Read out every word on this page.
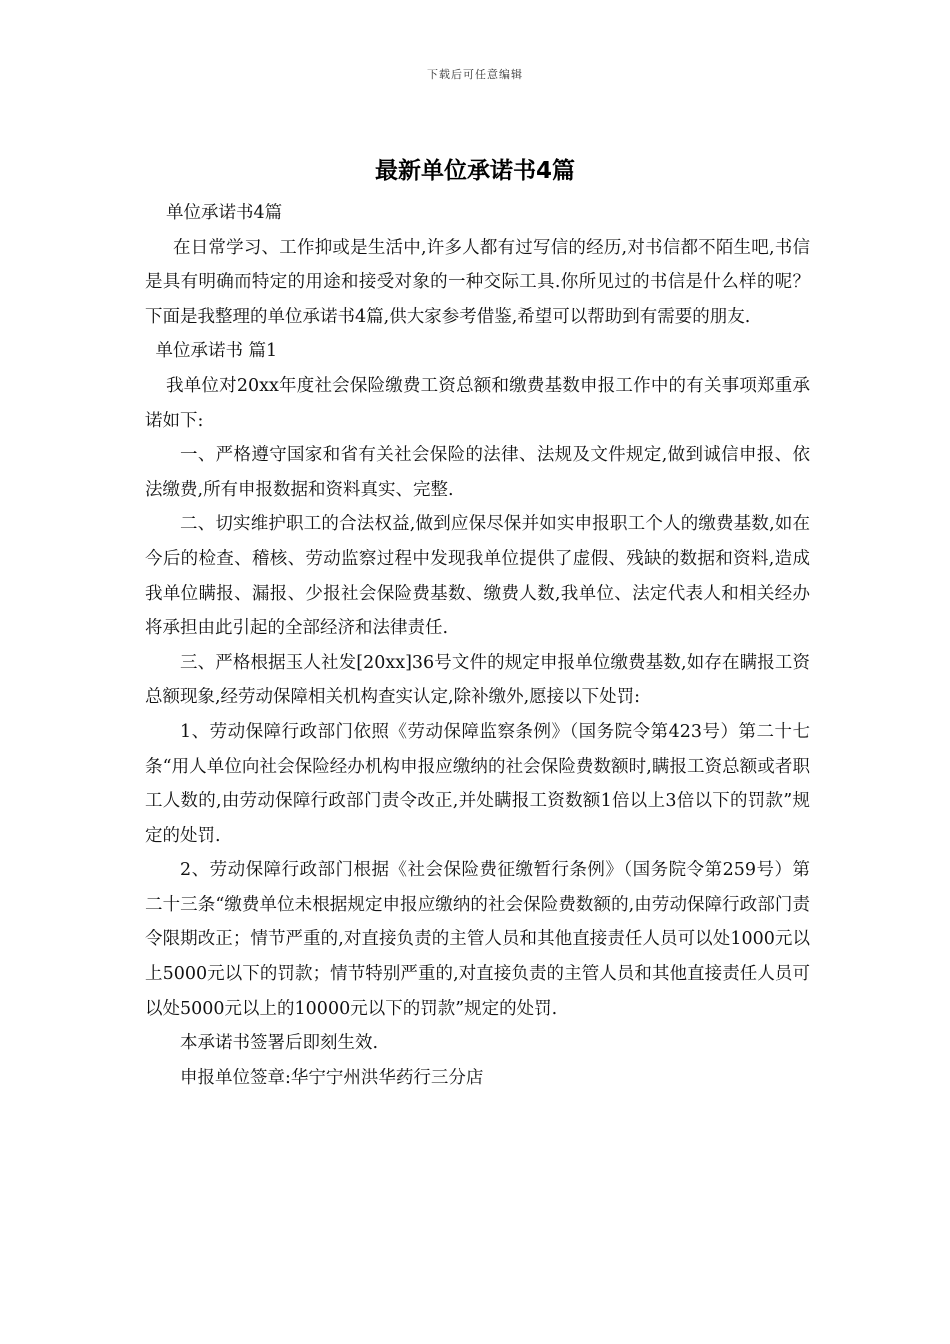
下载后可任意编辑
最新单位承诺书4篇

单位承诺书4篇

在日常学习、工作抑或是生活中,许多人都有过写信的经历,对书信都不陌生吧,书信是具有明确而特定的用途和接受对象的一种交际工具.你所见过的书信是什么样的呢？下面是我整理的单位承诺书4篇,供大家参考借鉴,希望可以帮助到有需要的朋友.

单位承诺书 篇1

我单位对20xx年度社会保险缴费工资总额和缴费基数申报工作中的有关事项郑重承诺如下:

一、严格遵守国家和省有关社会保险的法律、法规及文件规定,做到诚信申报、依法缴费,所有申报数据和资料真实、完整.

二、切实维护职工的合法权益,做到应保尽保并如实申报职工个人的缴费基数,如在今后的检查、稽核、劳动监察过程中发现我单位提供了虚假、残缺的数据和资料,造成我单位瞒报、漏报、少报社会保险费基数、缴费人数,我单位、法定代表人和相关经办将承担由此引起的全部经济和法律责任.

三、严格根据玉人社发[20xx]36号文件的规定申报单位缴费基数,如存在瞒报工资总额现象,经劳动保障相关机构查实认定,除补缴外,愿接以下处罚:

1、劳动保障行政部门依照《劳动保障监察条例》（国务院令第423号）第二十七条“用人单位向社会保险经办机构申报应缴纳的社会保险费数额时,瞒报工资总额或者职工人数的,由劳动保障行政部门责令改正,并处瞒报工资数额1倍以上3倍以下的罚款”规定的处罚.

2、劳动保障行政部门根据《社会保险费征缴暂行条例》（国务院令第259号）第二十三条“缴费单位未根据规定申报应缴纳的社会保险费数额的,由劳动保障行政部门责令限期改正；情节严重的,对直接负责的主管人员和其他直接责任人员可以处1000元以上5000元以下的罚款；情节特别严重的,对直接负责的主管人员和其他直接责任人员可以处5000元以上的10000元以下的罚款”规定的处罚.

本承诺书签署后即刻生效.

申报单位签章:华宁宁州洪华药行三分店
